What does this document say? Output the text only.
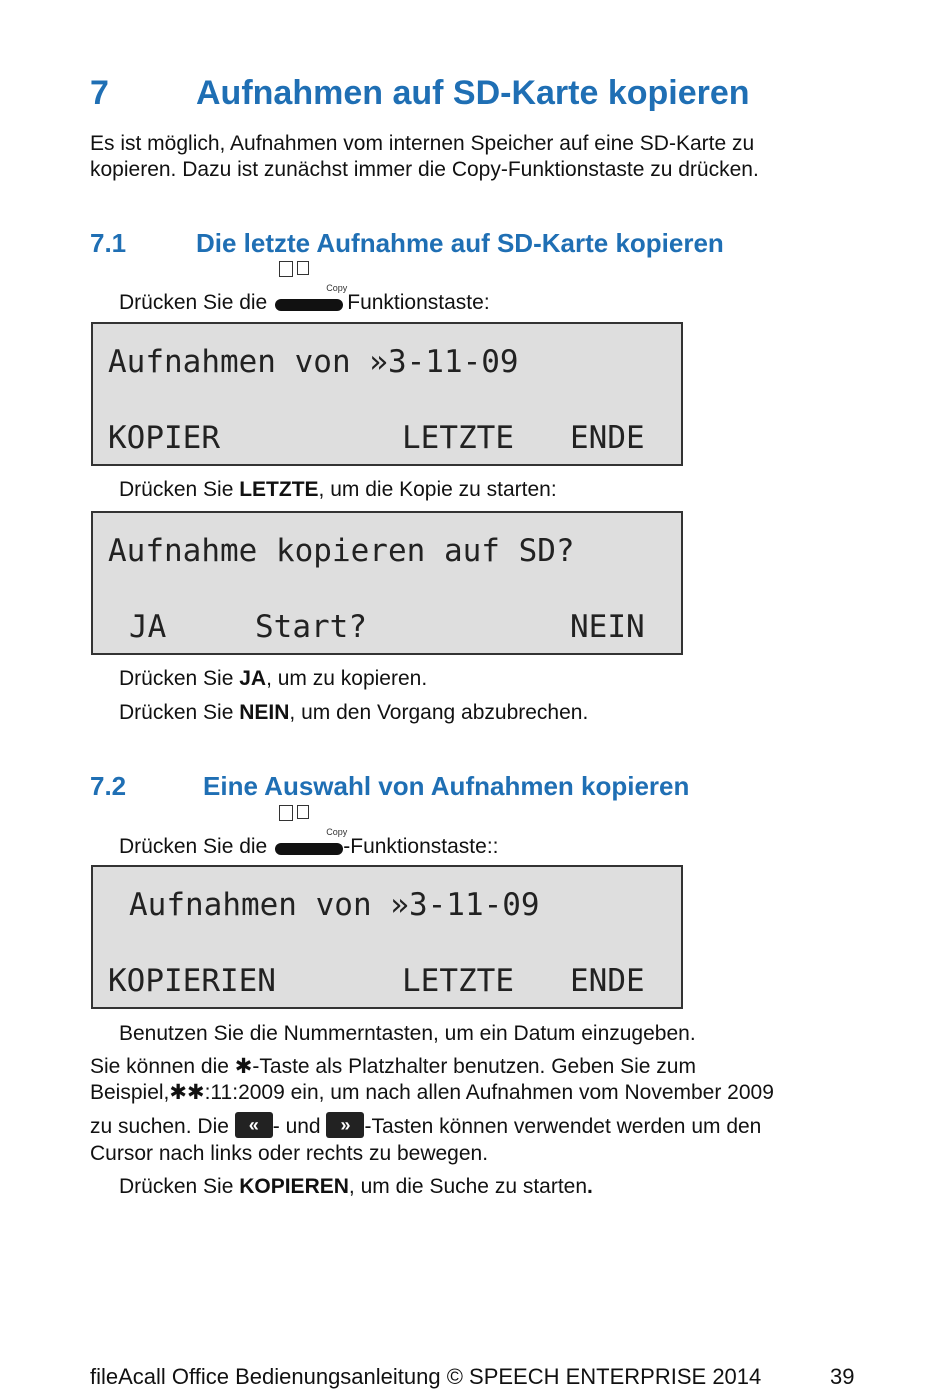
7	Aufnahmen auf SD-Karte kopieren

Es ist möglich, Aufnahmen vom internen Speicher auf eine SD-Karte zu

kopieren. Dazu ist zunächst immer die Copy-Funktionstaste zu drücken.

7.1	Die letzte Aufnahme auf SD-Karte kopieren

Drücken Sie die
Copy
Funktionstaste:

Aufnahmen von »3-11-09
KOPIER	LETZTE ENDE

Drücken Sie LETZTE, um die Kopie zu starten:

Aufnahme kopieren auf SD?
JA	Start?	NEIN

Drücken Sie JA, um zu kopieren.

Drücken Sie NEIN, um den Vorgang abzubrechen.

7.2	Eine Auswahl von Aufnahmen kopieren

Drücken Sie die
Copy
-Funktionstaste::

Aufnahmen von »3-11-09
KOPIERIEN	LETZTE ENDE

Benutzen Sie die Nummerntasten, um ein Datum einzugeben.

Sie können die ✱-Taste als Platzhalter benutzen. Geben Sie zum

Beispiel,✱✱:11:2009 ein, um nach allen Aufnahmen vom November 2009

zu suchen. Die « - und » -Tasten können verwendet werden um den

Cursor nach links oder rechts zu bewegen.

Drücken Sie KOPIEREN, um die Suche zu starten.

fileAcall Office Bedienungsanleitung © SPEECH ENTERPRISE 2014	39
